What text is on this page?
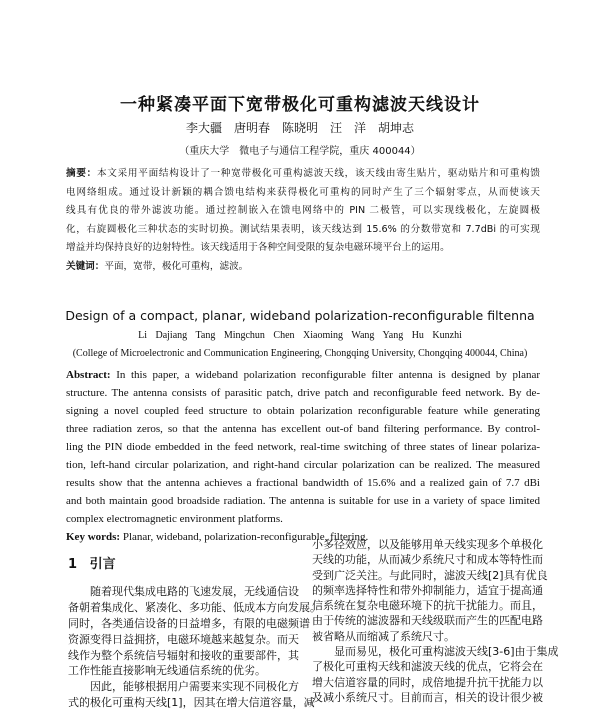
一种紧凑平面下宽带极化可重构滤波天线设计
李大疆　唐明春　陈晓明　汪　洋　胡坤志
（重庆大学　微电子与通信工程学院，重庆 400044）
摘要：本文采用平面结构设计了一种宽带极化可重构滤波天线，该天线由寄生贴片，驱动贴片和可重构馈
电网络组成。通过设计新颖的耦合馈电结构来获得极化可重构的同时产生了三个辐射零点，从而使该天
线具有优良的带外滤波功能。通过控制嵌入在馈电网络中的 PIN 二极管，可以实现线极化，左旋圆极
化，右旋圆极化三种状态的实时切换。测试结果表明，该天线达到 15.6% 的分数带宽和 7.7dBi 的可实现
增益并均保持良好的边射特性。该天线适用于各种空间受限的复杂电磁环境平台上的运用。
关键词：平面，宽带，极化可重构，滤波。
Design of a compact, planar, wideband polarization-reconfigurable filtenna
Li Dajiang Tang Mingchun Chen Xiaoming Wang Yang Hu Kunzhi
(College of Microelectronic and Communication Engineering, Chongqing University, Chongqing 400044, China)
Abstract: In this paper, a wideband polarization reconfigurable filter antenna is designed by planar
structure. The antenna consists of parasitic patch, drive patch and reconfigurable feed network. By de-
signing a novel coupled feed structure to obtain polarization reconfigurable feature while generating
three radiation zeros, so that the antenna has excellent out-of band filtering performance. By control-
ling the PIN diode embedded in the feed network, real-time switching of three states of linear polariza-
tion, left-hand circular polarization, and right-hand circular polarization can be realized. The measured
results show that the antenna achieves a fractional bandwidth of 15.6% and a realized gain of 7.7 dBi
and both maintain good broadside radiation. The antenna is suitable for use in a variety of space limited
complex electromagnetic environment platforms.
Key words: Planar, wideband, polarization-reconfigurable, filtering.
1 引言
　　随着现代集成电路的飞速发展，无线通信设
备朝着集成化、紧凑化、多功能、低成本方向发展。
同时，各类通信设备的日益增多，有限的电磁频谱
资源变得日益拥挤，电磁环境越来越复杂。而天
线作为整个系统信号辐射和接收的重要部件，其
工作性能直接影响无线通信系统的优劣。
　　因此，能够根据用户需要来实现不同极化方
式的极化可重构天线[1]，因其在增大信道容量，减
小多径效应，以及能够用单天线实现多个单极化
天线的功能，从而减少系统尺寸和成本等特性而
受到广泛关注。与此同时，滤波天线[2]具有优良
的频率选择特性和带外抑制能力，适宜于提高通
信系统在复杂电磁环境下的抗干扰能力。而且，
由于传统的滤波器和天线级联而产生的匹配电路
被省略从而缩减了系统尺寸。
　　显而易见，极化可重构滤波天线[3-6]由于集成
了极化可重构天线和滤波天线的优点，它将会在
增大信道容量的同时，成倍地提升抗干扰能力以
及减小系统尺寸。目前而言，相关的设计很少被
